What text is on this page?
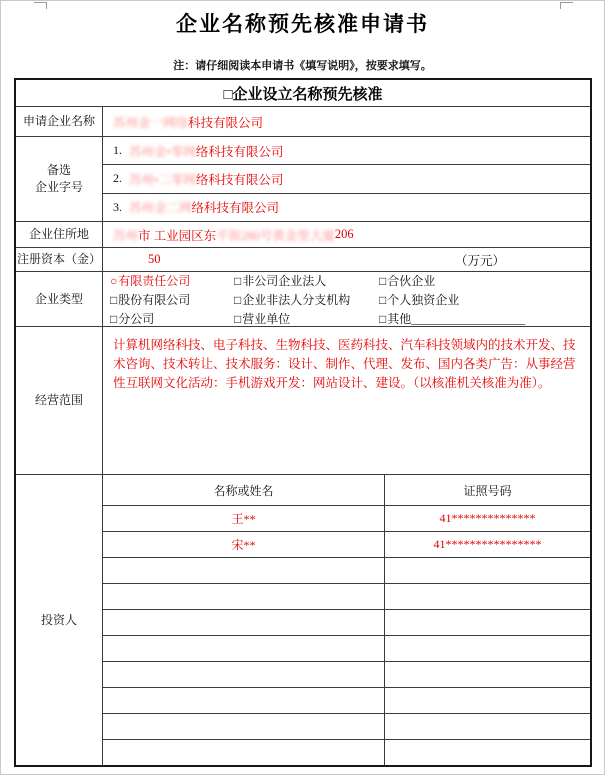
企业名称预先核准申请书
注：请仔细阅读本申请书《填写说明》，按要求填写。
□企业设立名称预先核准
申请企业名称	苏州金一网络 科技有限公司
备选
企业字号
1. 苏州金•零网络科技有限公司
2. 苏州•二零网络科技有限公司
3. 苏州金二网络科技有限公司
企业住所地	苏州 市 工业园区东 平街280号黄金里大厦 206
注册资本（金）	50	（万元）
企业类型
○有限责任公司	□非公司企业法人	□合伙企业
□股份有限公司	□企业非法人分支机构	□个人独资企业
□分公司	□营业单位	□其他___________________
经营范围
计算机网络科技、电子科技、生物科技、医药科技、汽车科技领域内的技术开发、技术咨询、技术转让、技术服务：设计、制作、代理、发布、国内各类广告：从事经营性互联网文化活动：手机游戏开发：网站设计、建设。（以核准机关核准为准）。
投资人
名称或姓名	证照号码
王**	41**************
宋**	41****************
